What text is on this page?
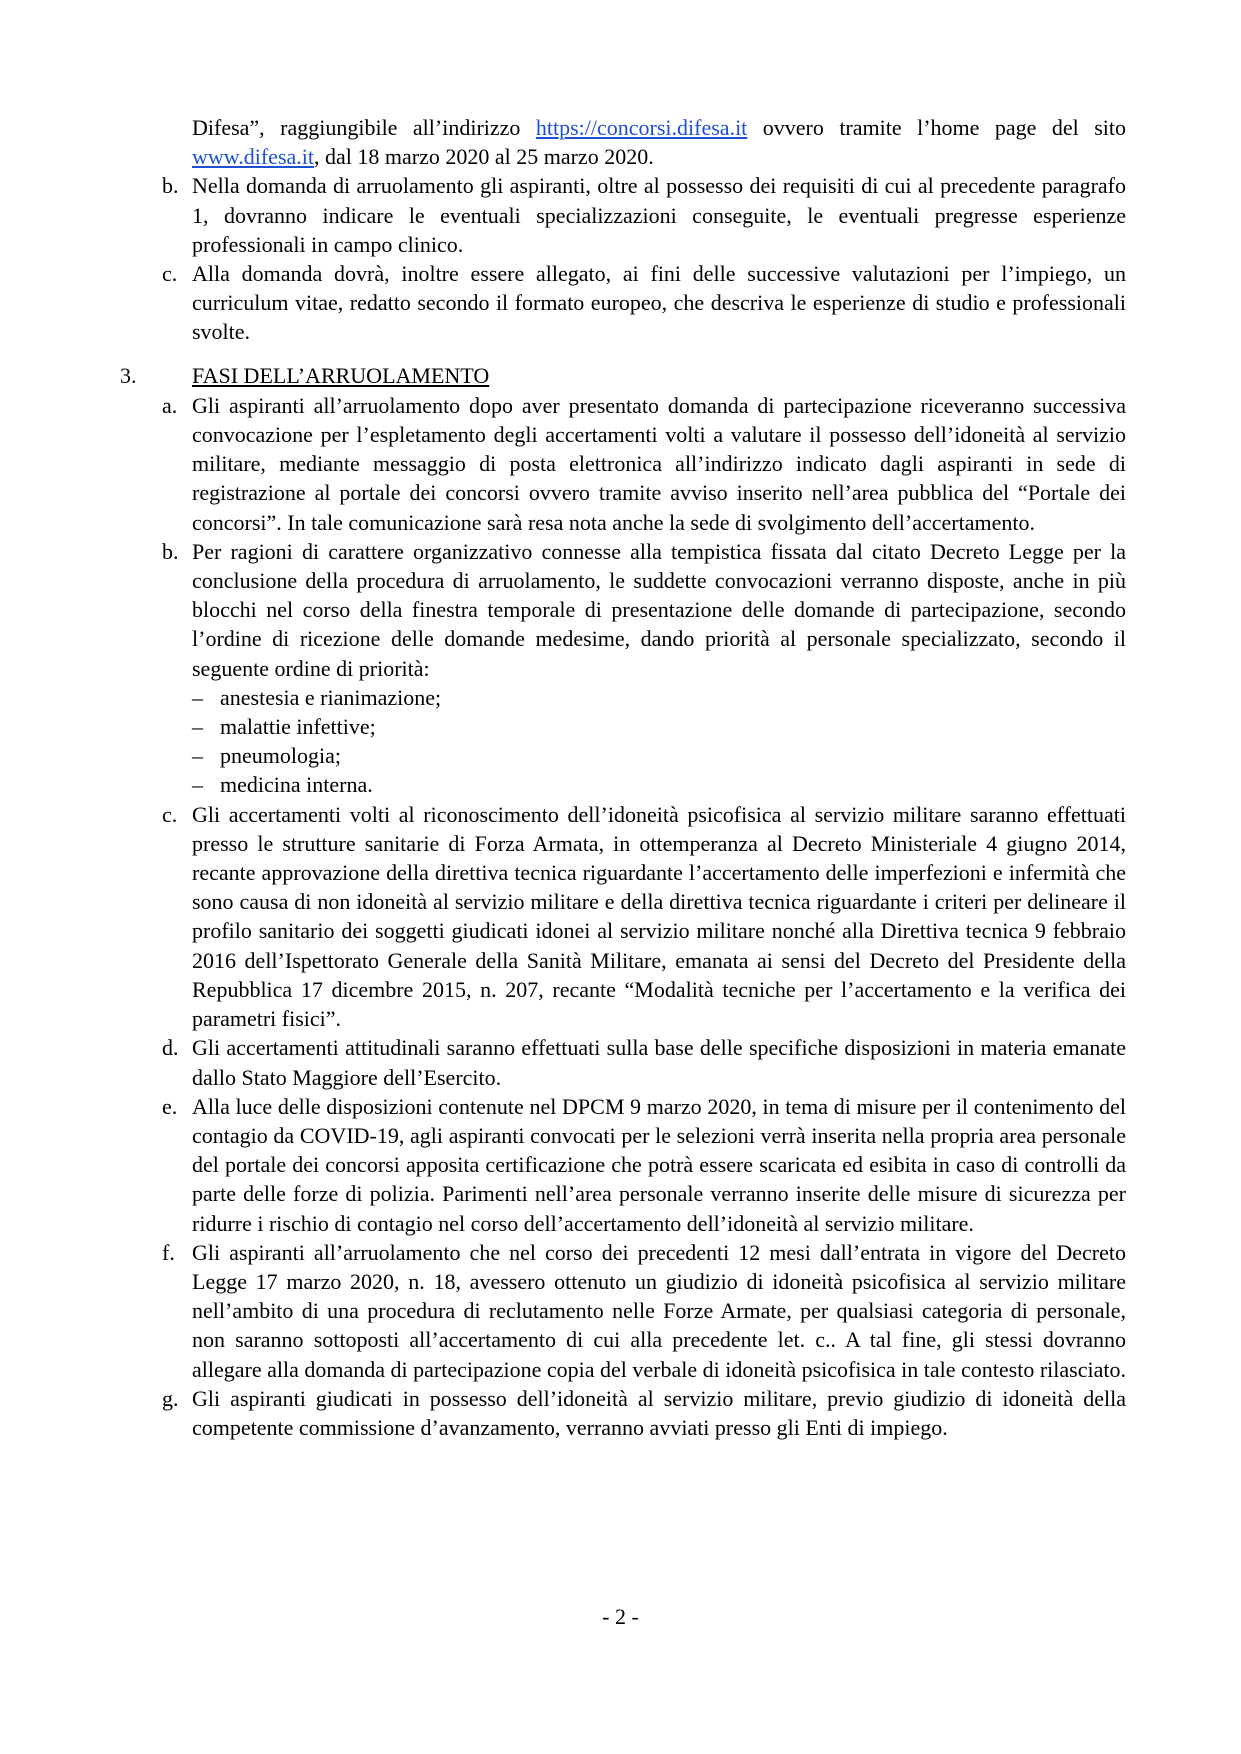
Difesa”, raggiungibile all’indirizzo https://concorsi.difesa.it ovvero tramite l’home page del sito www.difesa.it, dal 18 marzo 2020 al 25 marzo 2020.

b. Nella domanda di arruolamento gli aspiranti, oltre al possesso dei requisiti di cui al precedente paragrafo 1, dovranno indicare le eventuali specializzazioni conseguite, le eventuali pregresse esperienze professionali in campo clinico.

c. Alla domanda dovrà, inoltre essere allegato, ai fini delle successive valutazioni per l’impiego, un curriculum vitae, redatto secondo il formato europeo, che descriva le esperienze di studio e professionali svolte.

3.	FASI DELL’ARRUOLAMENTO
a. Gli aspiranti all’arruolamento dopo aver presentato domanda di partecipazione riceveranno successiva convocazione per l’espletamento degli accertamenti volti a valutare il possesso dell’idoneità al servizio militare, mediante messaggio di posta elettronica all’indirizzo indicato dagli aspiranti in sede di registrazione al portale dei concorsi ovvero tramite avviso inserito nell’area pubblica del “Portale dei concorsi”. In tale comunicazione sarà resa nota anche la sede di svolgimento dell’accertamento.

b. Per ragioni di carattere organizzativo connesse alla tempistica fissata dal citato Decreto Legge per la conclusione della procedura di arruolamento, le suddette convocazioni verranno disposte, anche in più blocchi nel corso della finestra temporale di presentazione delle domande di partecipazione, secondo l’ordine di ricezione delle domande medesime, dando priorità al personale specializzato, secondo il seguente ordine di priorità:

– anestesia e rianimazione;
– malattie infettive;
– pneumologia;
– medicina interna.
c. Gli accertamenti volti al riconoscimento dell’idoneità psicofisica al servizio militare saranno effettuati presso le strutture sanitarie di Forza Armata, in ottemperanza al Decreto Ministeriale 4 giugno 2014, recante approvazione della direttiva tecnica riguardante l’accertamento delle imperfezioni e infermità che sono causa di non idoneità al servizio militare e della direttiva tecnica riguardante i criteri per delineare il profilo sanitario dei soggetti giudicati idonei al servizio militare nonché alla Direttiva tecnica 9 febbraio 2016 dell’Ispettorato Generale della Sanità Militare, emanata ai sensi del Decreto del Presidente della Repubblica 17 dicembre 2015, n. 207, recante “Modalità tecniche per l’accertamento e la verifica dei parametri fisici”.

d. Gli accertamenti attitudinali saranno effettuati sulla base delle specifiche disposizioni in materia emanate dallo Stato Maggiore dell’Esercito.

e. Alla luce delle disposizioni contenute nel DPCM 9 marzo 2020, in tema di misure per il contenimento del contagio da COVID-19, agli aspiranti convocati per le selezioni verrà inserita nella propria area personale del portale dei concorsi apposita certificazione che potrà essere scaricata ed esibita in caso di controlli da parte delle forze di polizia. Parimenti nell’area personale verranno inserite delle misure di sicurezza per ridurre i rischio di contagio nel corso dell’accertamento dell’idoneità al servizio militare.

f. Gli aspiranti all’arruolamento che nel corso dei precedenti 12 mesi dall’entrata in vigore del Decreto Legge 17 marzo 2020, n. 18, avessero ottenuto un giudizio di idoneità psicofisica al servizio militare nell’ambito di una procedura di reclutamento nelle Forze Armate, per qualsiasi categoria di personale, non saranno sottoposti all’accertamento di cui alla precedente let. c.. A tal fine, gli stessi dovranno allegare alla domanda di partecipazione copia del verbale di idoneità psicofisica in tale contesto rilasciato.

g. Gli aspiranti giudicati in possesso dell’idoneità al servizio militare, previo giudizio di idoneità della competente commissione d’avanzamento, verranno avviati presso gli Enti di impiego.

- 2 -
